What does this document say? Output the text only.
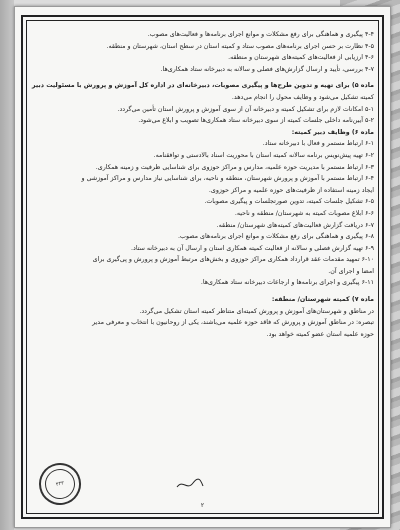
۴-۴ پیگیری و هماهنگی برای رفع مشکلات و موانع اجرای برنامه‌ها و فعالیت‌های مصوب.
۴-۵ نظارت بر حسن اجرای برنامه‌های مصوب ستاد و کمیته استان در سطح استان، شهرستان و منطقه.
۴-۶ ارزیابی از فعالیت‌های کمیته‌های شهرستان و منطقه.
۴-۷ بررسی، تأیید و ارسال گزارش‌های فصلی و سالانه به دبیرخانه ستاد همکاری‌ها.
ماده ۵) برای تهیه و تدوین طرح‌ها و پیگیری مصوبات، دبیرخانه‌ای در اداره کل آموزش و پرورش با مسئولیت دبیر
کمیته تشکیل می‌شود و وظایف محول را انجام می‌دهد.
۵-۱ امکانات لازم برای تشکیل کمیته و دبیرخانه آن از سوی آموزش و پرورش استان تأمین می‌گردد.
۵-۲ آیین‌نامه داخلی جلسات کمیته از سوی دبیرخانه ستاد همکاری‌ها تصویب و ابلاغ می‌شود.
ماده ۶) وظایف دبیر کمیته:
۶-۱ ارتباط مستمر و فعال با دبیرخانه ستاد.
۶-۲ تهیه پیش‌نویس برنامه سالانه کمیته استان با محوریت اسناد بالادستی و توافقنامه.
۶-۳ ارتباط مستمر با مدیریت حوزه علمیه، مدارس و مراکز حوزوی برای شناسایی ظرفیت و زمینه همکاری.
۶-۴ ارتباط مستمر با آموزش و پرورش شهرستان، منطقه و ناحیه، برای شناسایی نیاز مدارس و مراکز آموزشی و
ایجاد زمینه استفاده از ظرفیت‌های حوزه علمیه و مراکز حوزوی.
۶-۵ تشکیل جلسات کمیته، تدوین صورتجلسات و پیگیری مصوبات.
۶-۶ ابلاغ مصوبات کمیته به شهرستان/ منطقه و ناحیه.
۶-۷ دریافت گزارش فعالیت‌های کمیته‌های شهرستان/ منطقه.
۶-۸ پیگیری و هماهنگی برای رفع مشکلات و موانع اجرای برنامه‌های مصوب.
۶-۹ تهیه گزارش فصلی و سالانه از فعالیت کمیته همکاری استان و ارسال آن به دبیرخانه ستاد.
۶-۱۰ تمهید مقدمات عقد قرارداد همکاری مراکز حوزوی و بخش‌های مرتبط آموزش و پرورش و پی‌گیری برای
امضا و اجرای آن.
۶-۱۱ پیگیری و اجرای برنامه‌ها و ارجاعات دبیرخانه ستاد همکاری‌ها.
ماده ۷) کمیته شهرستان/ منطقه:
در مناطق و شهرستان‌های آموزش و پرورش کمیته‌ای متناظر کمیته استان تشکیل می‌گردد.
تبصره: در مناطق آموزش و پرورش که فاقد حوزه علمیه می‌باشند، یکی از روحانیون با انتخاب و معرفی مدیر
حوزه علمیه استان عضو کمیته خواهد بود.
۴۳۳
۲
